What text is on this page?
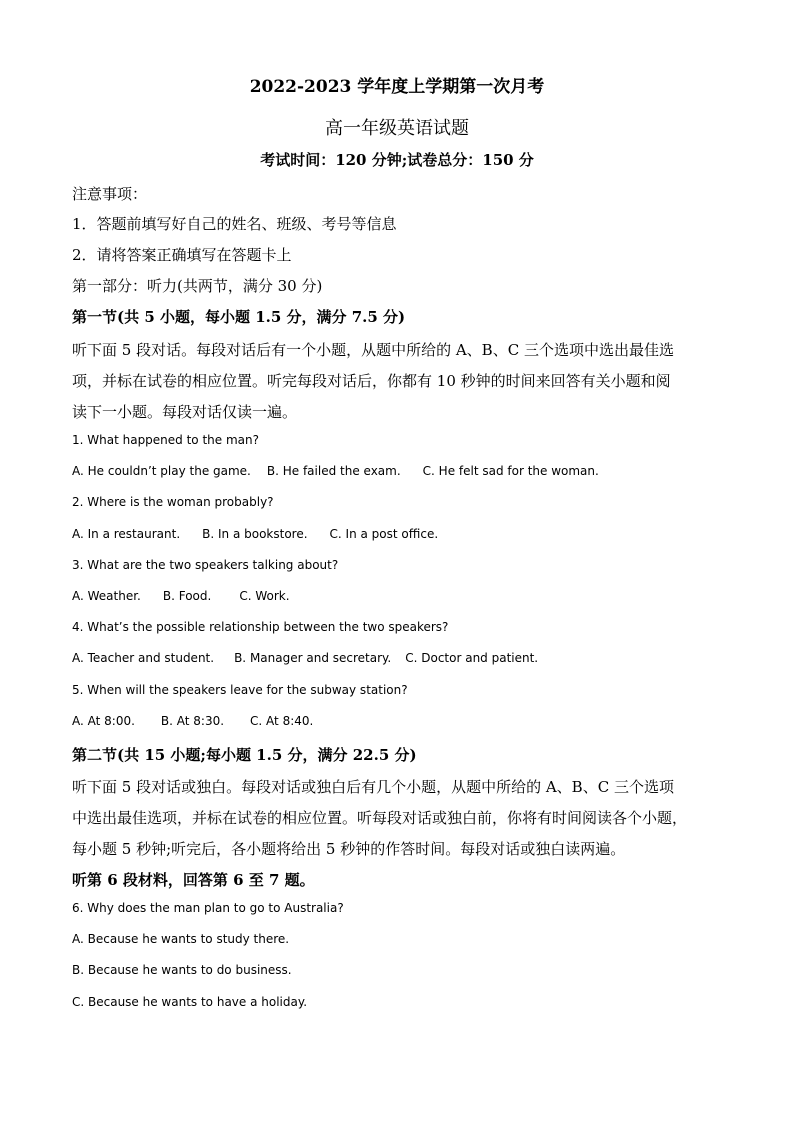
2022-2023 学年度上学期第一次月考
高一年级英语试题
考试时间：120 分钟;试卷总分：150 分
注意事项：
1．答题前填写好自己的姓名、班级、考号等信息
2．请将答案正确填写在答题卡上
第一部分：听力(共两节，满分 30 分)
第一节(共 5 小题，每小题 1.5 分，满分 7.5 分)
听下面 5 段对话。每段对话后有一个小题，从题中所给的 A、B、C 三个选项中选出最佳选
项，并标在试卷的相应位置。听完每段对话后，你都有 10 秒钟的时间来回答有关小题和阅
读下一小题。每段对话仅读一遍。
1. What happened to the man?
A. He couldn’t play the game. B. He failed the exam. C. He felt sad for the woman.
2. Where is the woman probably?
A. In a restaurant. B. In a bookstore. C. In a post office.
3. What are the two speakers talking about?
A. Weather. B. Food. C. Work.
4. What’s the possible relationship between the two speakers?
A. Teacher and student. B. Manager and secretary. C. Doctor and patient.
5. When will the speakers leave for the subway station?
A. At 8:00. B. At 8:30. C. At 8:40.
第二节(共 15 小题;每小题 1.5 分，满分 22.5 分)
听下面 5 段对话或独白。每段对话或独白后有几个小题，从题中所给的 A、B、C 三个选项
中选出最佳选项，并标在试卷的相应位置。听每段对话或独白前，你将有时间阅读各个小题，
每小题 5 秒钟;听完后，各小题将给出 5 秒钟的作答时间。每段对话或独白读两遍。
听第 6 段材料，回答第 6 至 7 题。
6. Why does the man plan to go to Australia?
A. Because he wants to study there.
B. Because he wants to do business.
C. Because he wants to have a holiday.
